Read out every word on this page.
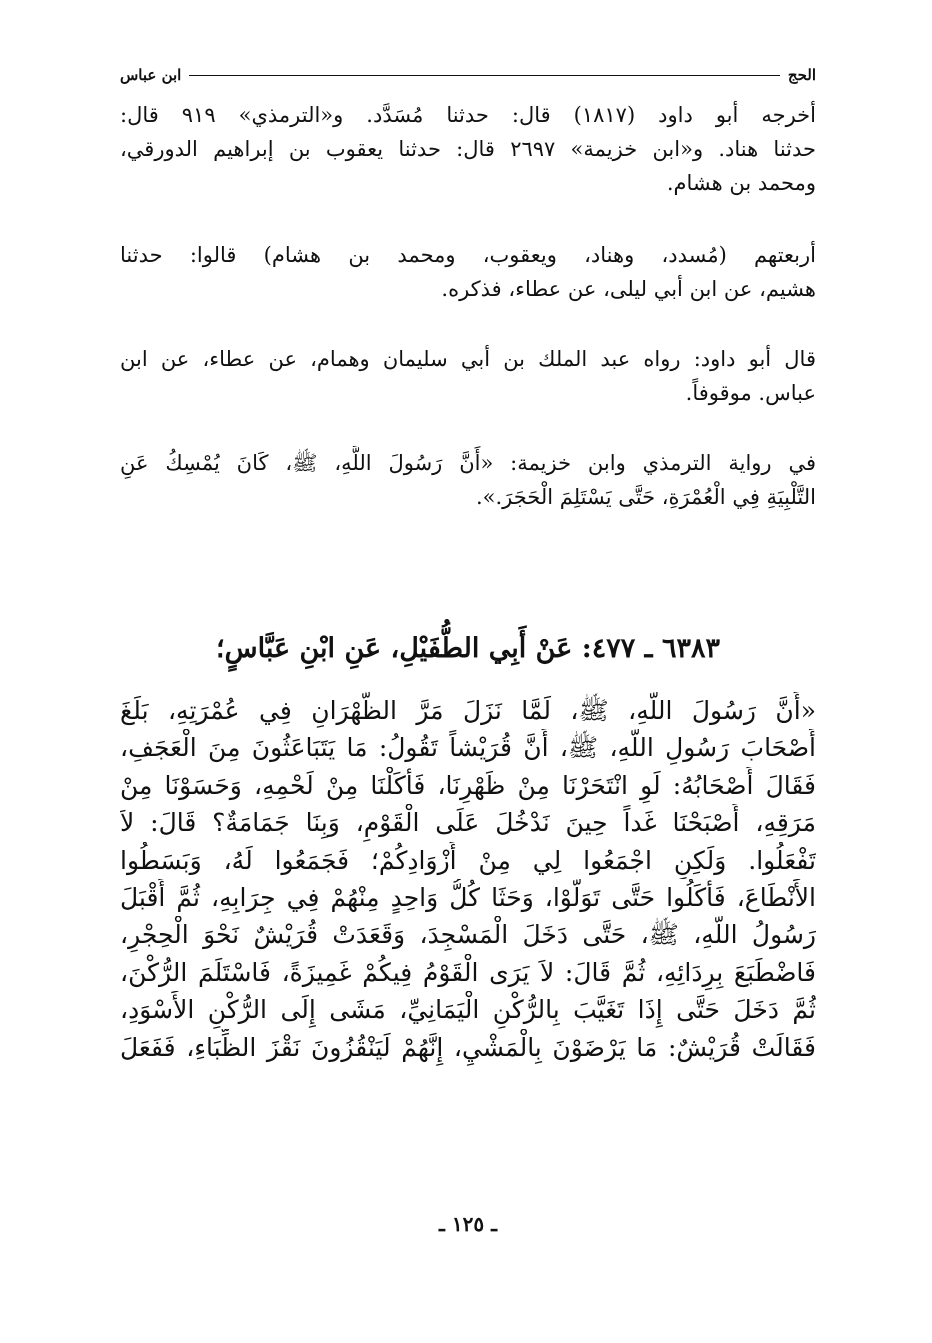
الحج
ابن عباس
أخرجه أبو داود (١٨١٧) قال: حدثنا مُسَدَّد. و«الترمذي» ٩١٩ قال:
حدثنا هناد. و«ابن خزيمة» ٢٦٩٧ قال: حدثنا يعقوب بن إبراهيم الدورقي،
ومحمد بن هشام.
أربعتهم (مُسدد، وهناد، ويعقوب، ومحمد بن هشام) قالوا: حدثنا
هشيم، عن ابن أبي ليلى، عن عطاء، فذكره.
قال أبو داود: رواه عبد الملك بن أبي سليمان وهمام، عن عطاء، عن ابن
عباس. موقوفاً.
في رواية الترمذي وابن خزيمة: «أَنَّ رَسُولَ اللَّهِ، ﷺ، كَانَ يُمْسِكُ عَنِ
التَّلْبِيَةِ فِي الْعُمْرَةِ، حَتَّى يَسْتَلِمَ الْحَجَرَ.».
٦٣٨٣ ـ ٤٧٧: عَنْ أَبِي الطُّفَيْلِ، عَنِ ابْنِ عَبَّاسٍ؛
«أَنَّ رَسُولَ اللَّهِ، ﷺ، لَمَّا نَزَلَ مَرَّ الظَّهْرَانِ فِي عُمْرَتِهِ، بَلَغَ
أَصْحَابَ رَسُولِ اللَّهِ، ﷺ، أَنَّ قُرَيْشاً تَقُولُ: مَا يَتَبَاعَثُونَ مِنَ الْعَجَفِ،
فَقَالَ أَصْحَابُهُ: لَوِ انْتَحَرْنَا مِنْ ظَهْرِنَا، فَأَكَلْنَا مِنْ لَحْمِهِ، وَحَسَوْنَا مِنْ
مَرَقِهِ، أَصْبَحْنَا غَداً حِينَ نَدْخُلَ عَلَى الْقَوْمِ، وَبِنَا جَمَامَةٌ؟ قَالَ: لاَ
تَفْعَلُوا. وَلَكِنِ اجْمَعُوا لِي مِنْ أَزْوَادِكُمْ؛ فَجَمَعُوا لَهُ، وَبَسَطُوا
الأَنْطَاعَ، فَأَكَلُوا حَتَّى تَوَلَّوْا، وَحَثَا كُلُّ وَاحِدٍ مِنْهُمْ فِي جِرَابِهِ، ثُمَّ أَقْبَلَ
رَسُولُ اللَّهِ، ﷺ، حَتَّى دَخَلَ الْمَسْجِدَ، وَقَعَدَتْ قُرَيْشٌ نَحْوَ الْحِجْرِ،
فَاضْطَبَعَ بِرِدَائِهِ، ثُمَّ قَالَ: لاَ يَرَى الْقَوْمُ فِيكُمْ غَمِيزَةً، فَاسْتَلَمَ الرُّكْنَ،
ثُمَّ دَخَلَ حَتَّى إِذَا تَغَيَّبَ بِالرُّكْنِ الْيَمَانِيِّ، مَشَى إِلَى الرُّكْنِ الأَسْوَدِ،
فَقَالَتْ قُرَيْشٌ: مَا يَرْضَوْنَ بِالْمَشْيِ، إِنَّهُمْ لَيَنْقُزُونَ نَقْزَ الظِّبَاءِ، فَفَعَلَ
ـ ١٢٥ ـ
